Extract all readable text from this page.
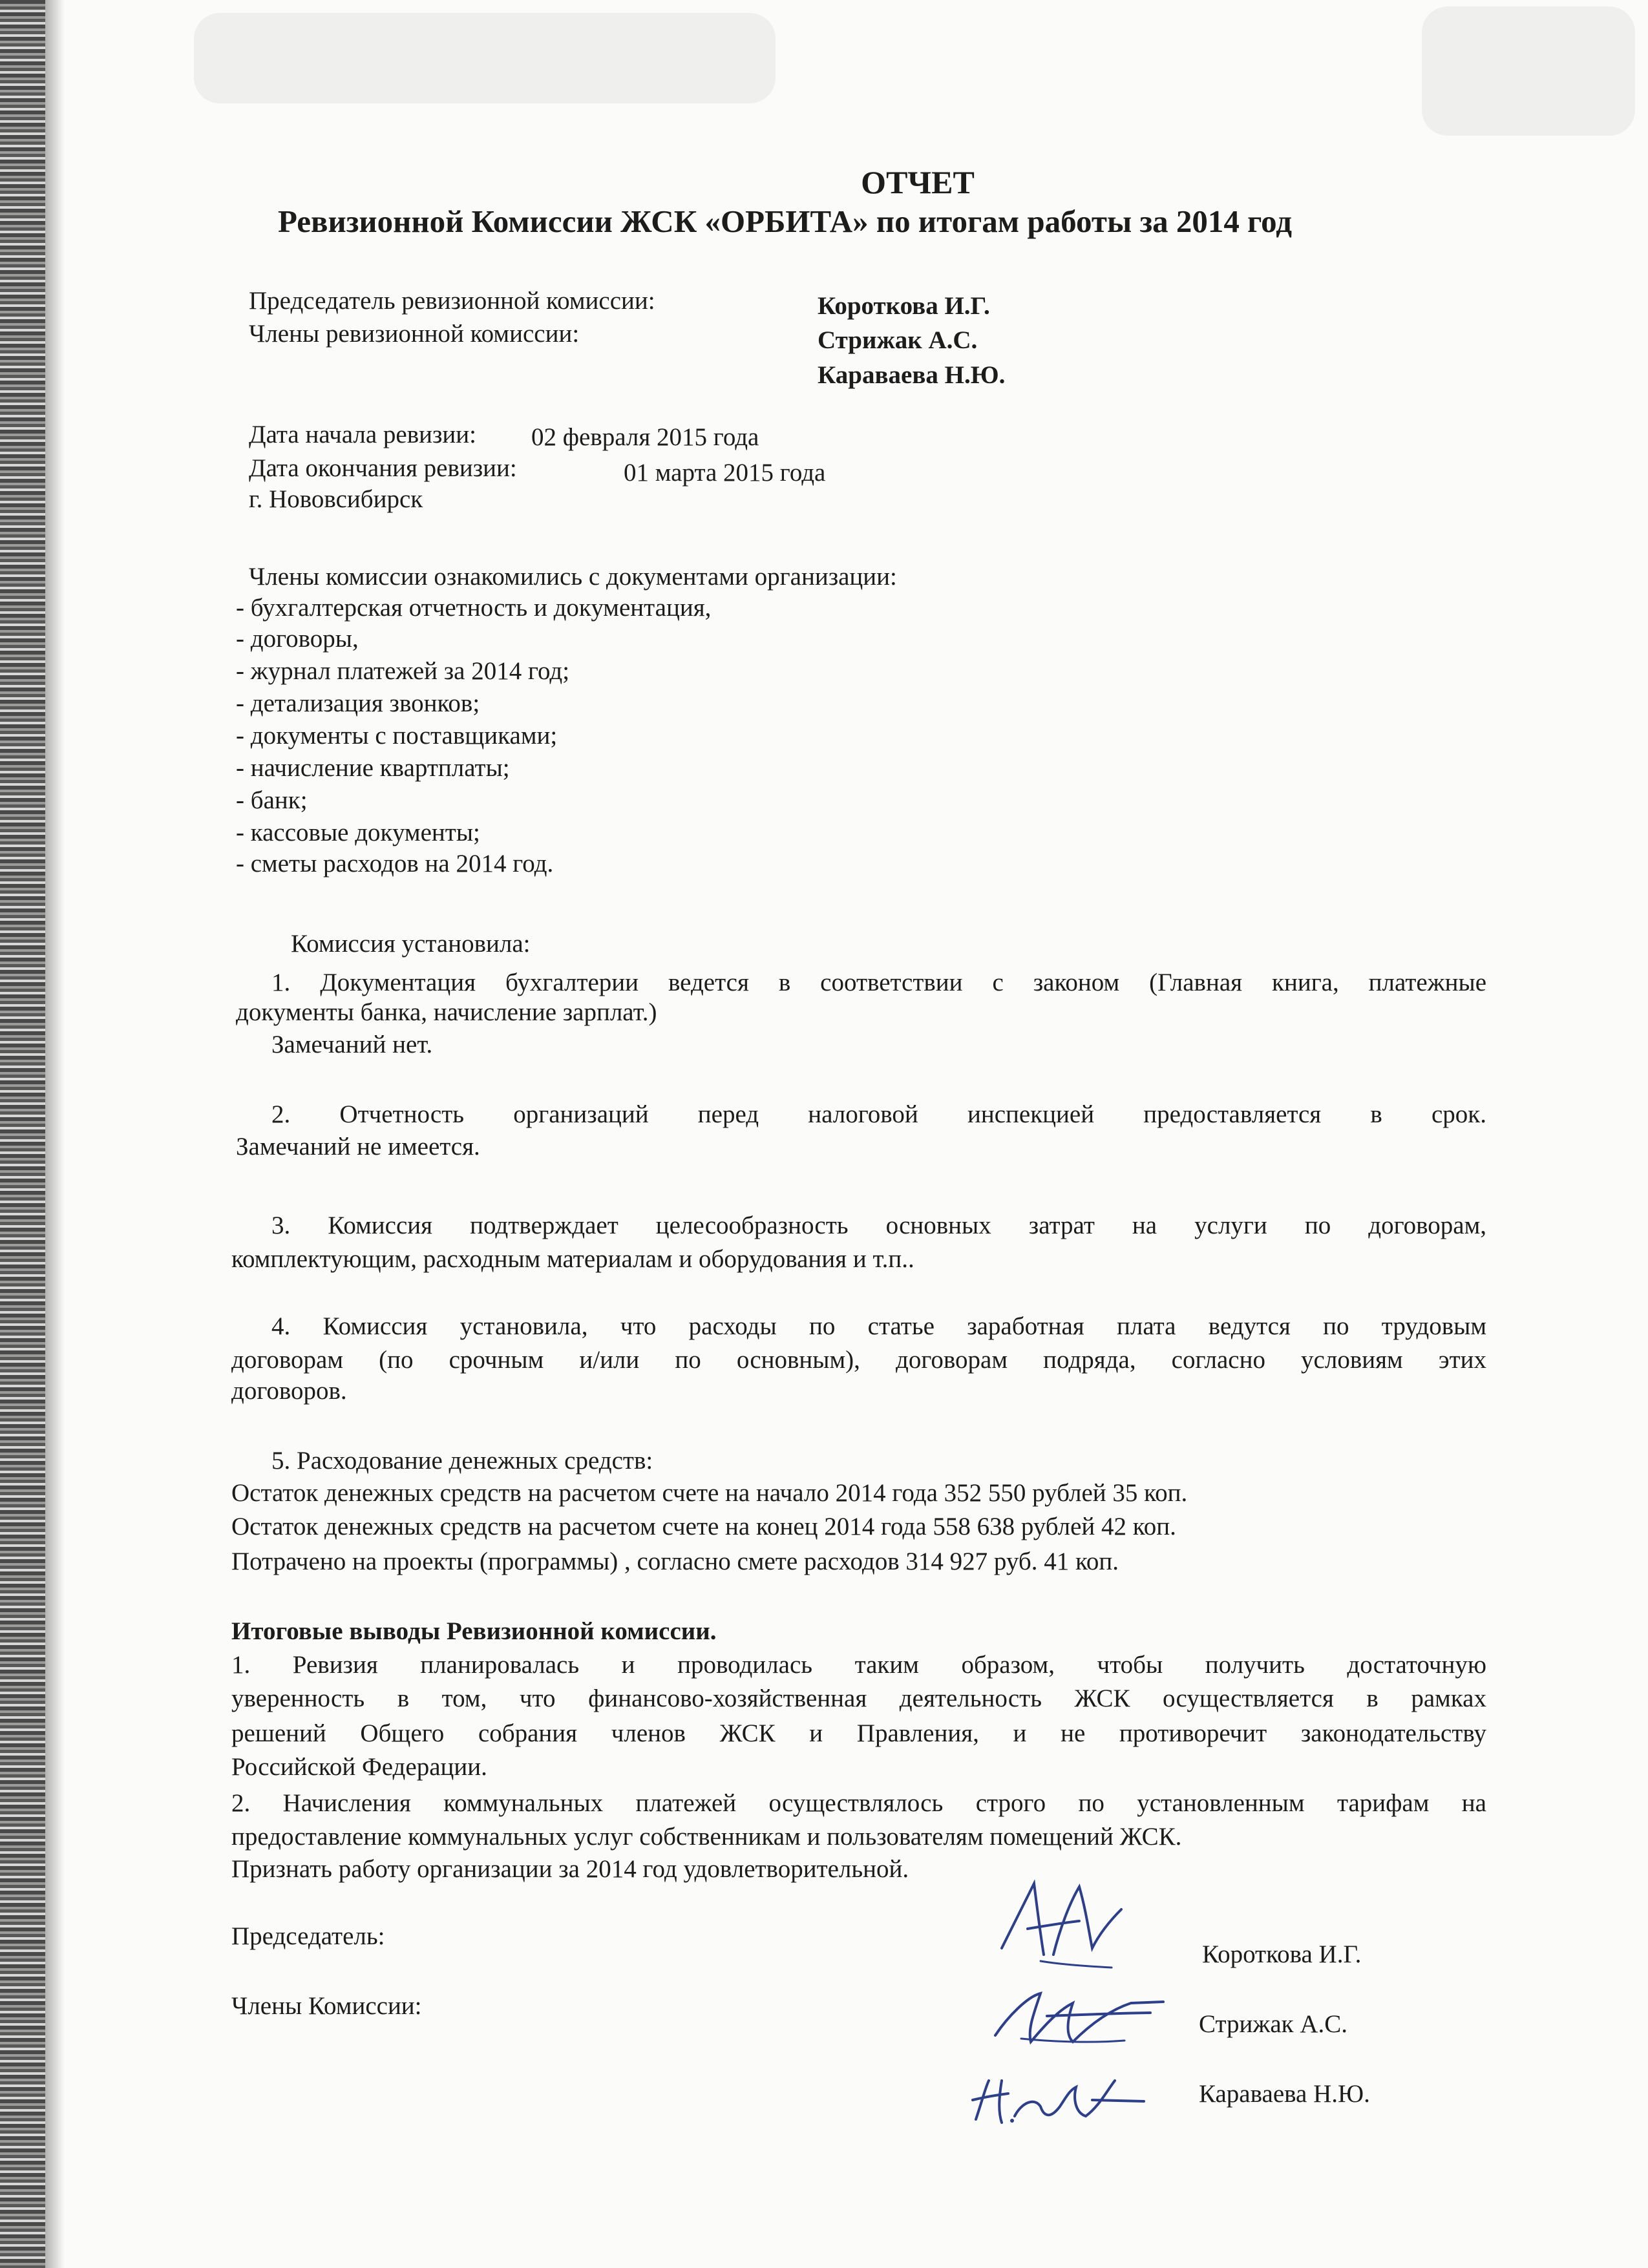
ОТЧЕТ
Ревизионной Комиссии ЖСК «ОРБИТА» по итогам работы за 2014 год
Председатель ревизионной комиссии:	Короткова И.Г.
Члены ревизионной комиссии:	Стрижак А.С.
Караваева Н.Ю.
Дата начала ревизии: 02 февраля 2015 года
Дата окончания ревизии:	01 марта 2015 года
г. Нововсибирск
Члены комиссии ознакомились с документами организации:
- бухгалтерская отчетность и документация,
- договоры,
- журнал платежей за 2014 год;
- детализация звонков;
- документы с поставщиками;
- начисление квартплаты;
- банк;
- кассовые документы;
- сметы расходов на 2014 год.
Комиссия установила:
1. Документация бухгалтерии ведется в соответствии с законом (Главная книга, платежные
документы банка, начисление зарплат.)
Замечаний нет.
2. Отчетность организаций перед налоговой инспекцией предоставляется в срок.
Замечаний не имеется.
3. Комиссия подтверждает целесообразность основных затрат на услуги по договорам,
комплектующим, расходным материалам и оборудования и т.п..
4. Комиссия установила, что расходы по статье заработная плата ведутся по трудовым
договорам (по срочным и/или по основным), договорам подряда, согласно условиям этих
договоров.
5. Расходование денежных средств:
Остаток денежных средств на расчетом счете на начало 2014 года 352 550 рублей 35 коп.
Остаток денежных средств на расчетом счете на конец 2014 года 558 638 рублей 42 коп.
Потрачено на проекты (программы) , согласно смете расходов 314 927 руб. 41 коп.
Итоговые выводы Ревизионной комиссии.
1. Ревизия планировалась и проводилась таким образом, чтобы получить достаточную
уверенность в том, что финансово-хозяйственная деятельность ЖСК осуществляется в рамках
решений Общего собрания членов ЖСК и Правления, и не противоречит законодательству
Российской Федерации.
2. Начисления коммунальных платежей осуществлялось строго по установленным тарифам на
предоставление коммунальных услуг собственникам и пользователям помещений ЖСК.
Признать работу организации за 2014 год удовлетворительной.
Председатель:
Короткова И.Г.
Члены Комиссии:
Стрижак А.С.
Караваева Н.Ю.
